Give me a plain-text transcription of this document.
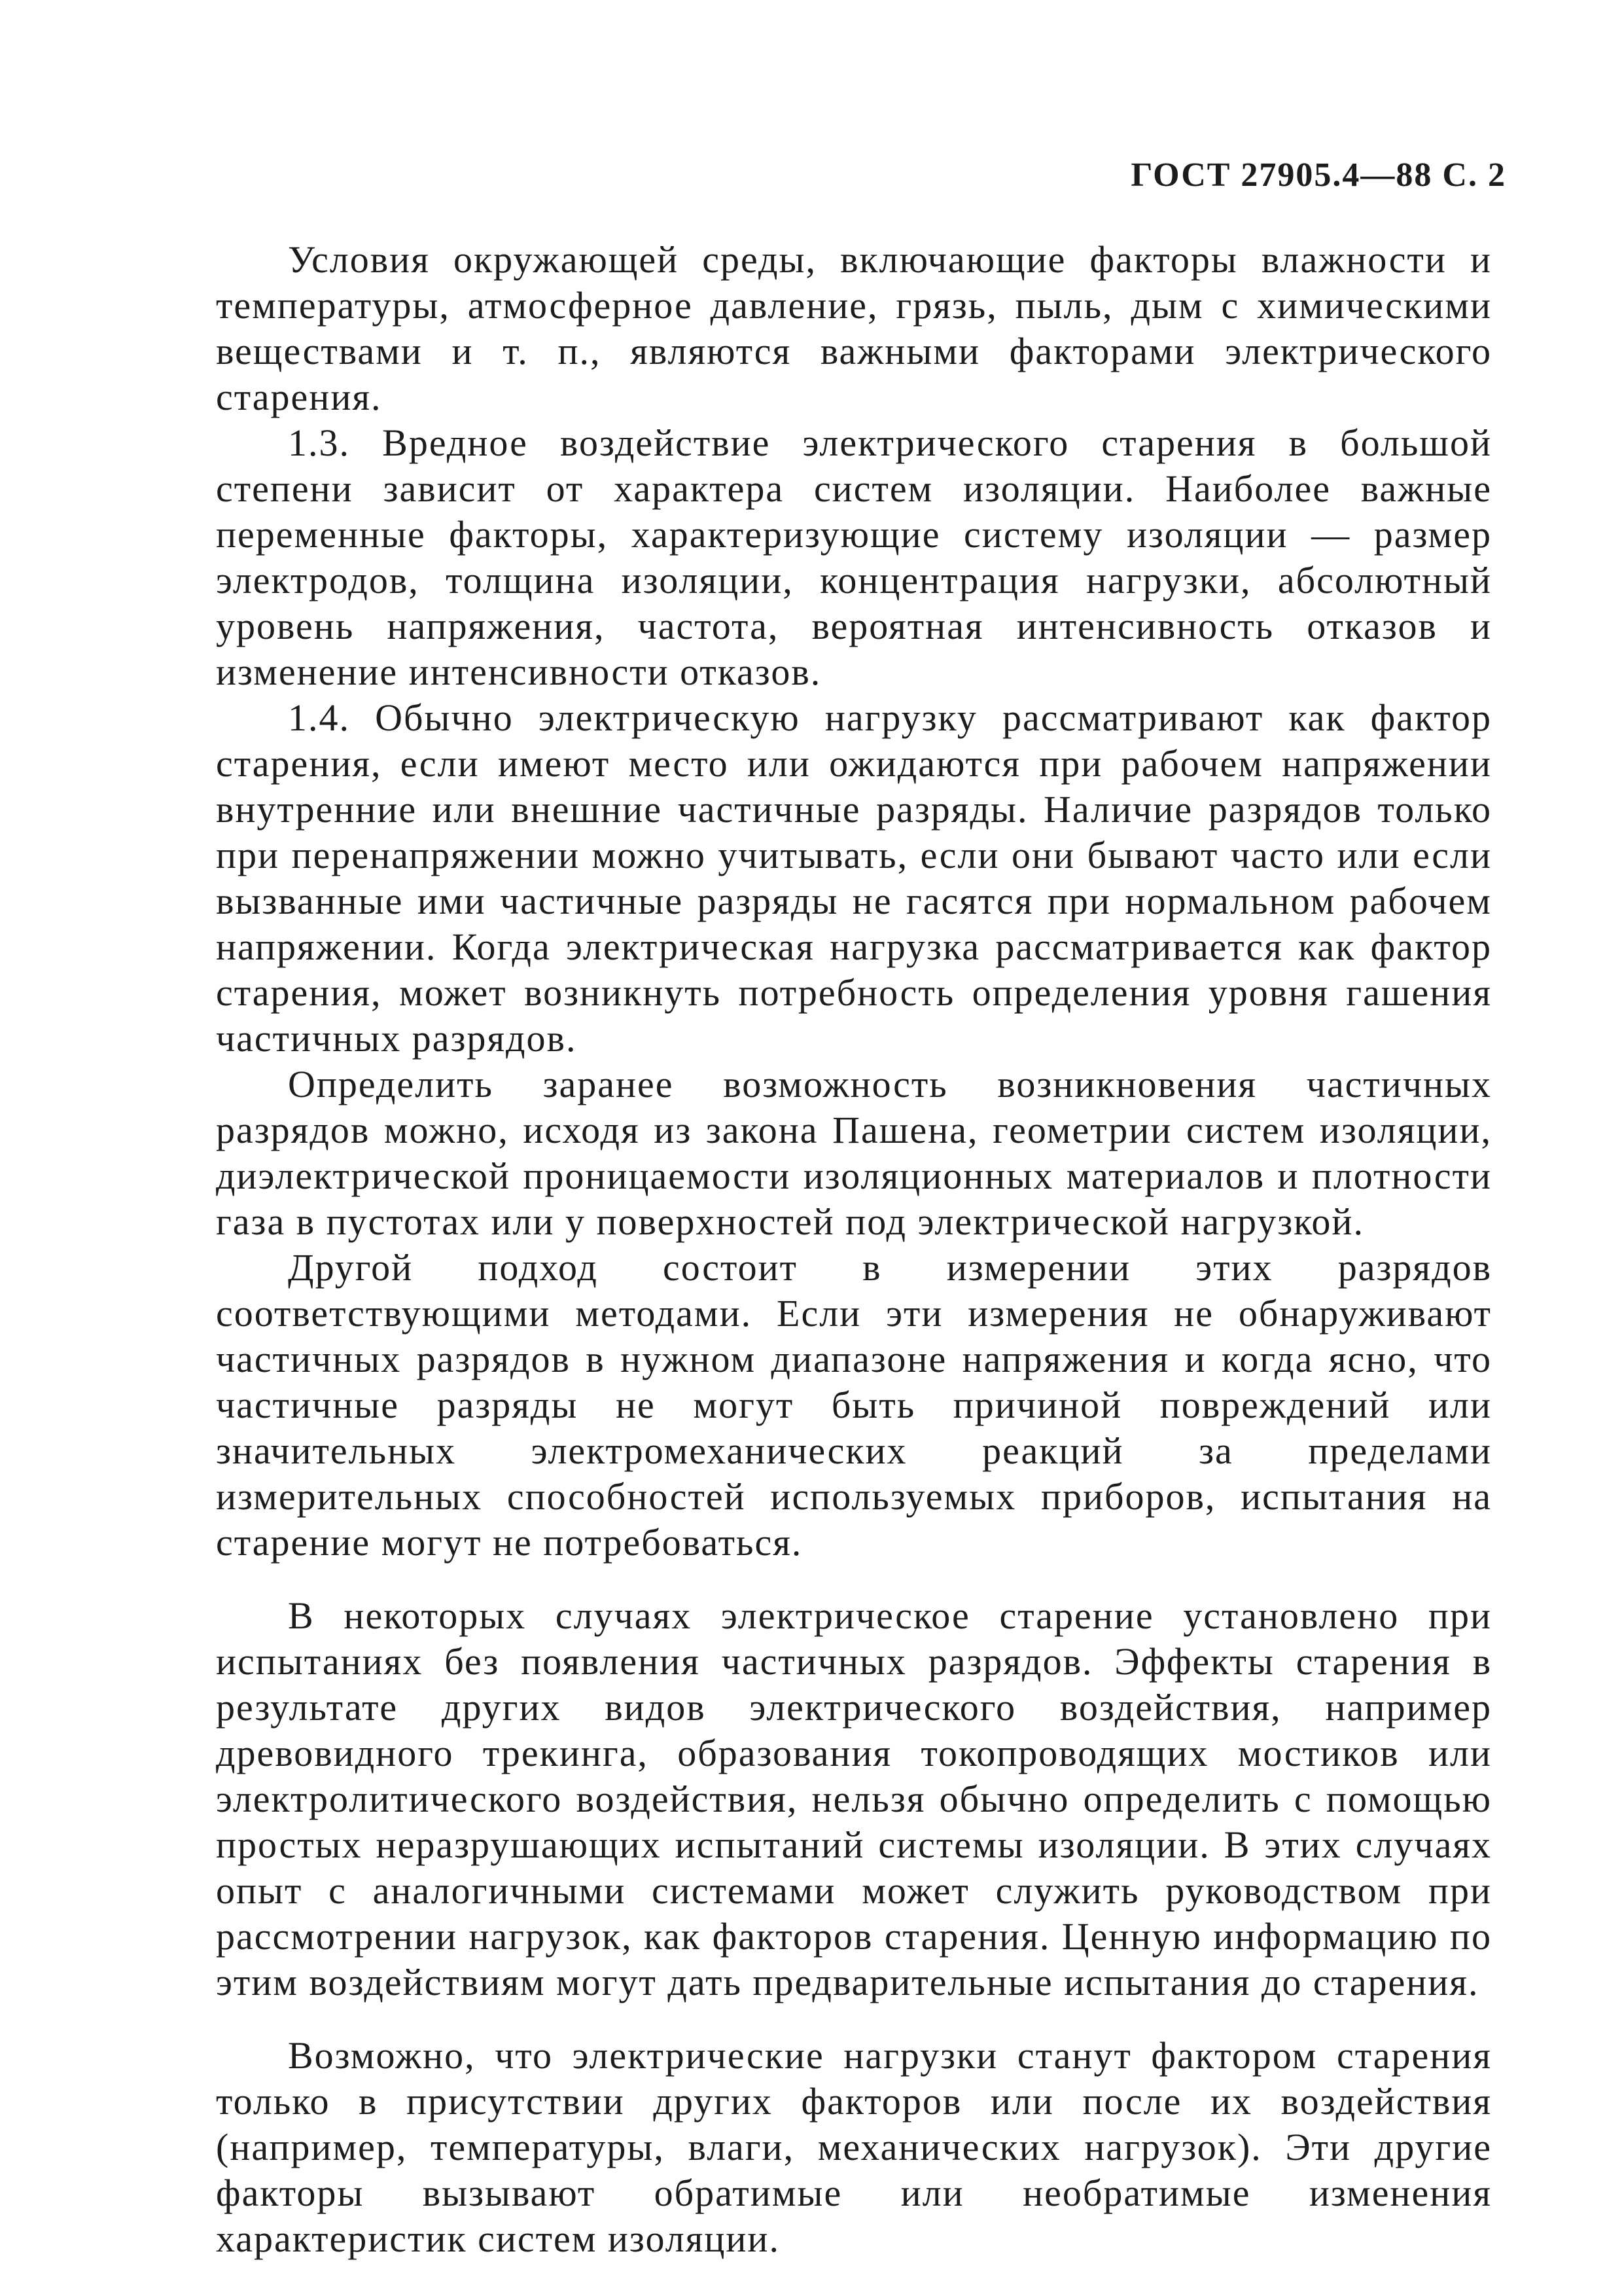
ГОСТ 27905.4—88 С. 2

Условия окружающей среды, включающие факторы влажности и температуры, атмосферное давление, грязь, пыль, дым с химическими веществами и т. п., являются важными факторами электрического старения.

1.3. Вредное воздействие электрического старения в большой степени зависит от характера систем изоляции. Наиболее важные переменные факторы, характеризующие систему изоляции — размер электродов, толщина изоляции, концентрация нагрузки, абсолютный уровень напряжения, частота, вероятная интенсивность отказов и изменение интенсивности отказов.

1.4. Обычно электрическую нагрузку рассматривают как фактор старения, если имеют место или ожидаются при рабочем напряжении внутренние или внешние частичные разряды. Наличие разрядов только при перенапряжении можно учитывать, если они бывают часто или если вызванные ими частичные разряды не гасятся при нормальном рабочем напряжении. Когда электрическая нагрузка рассматривается как фактор старения, может возникнуть потребность определения уровня гашения частичных разрядов.

Определить заранее возможность возникновения частичных разрядов можно, исходя из закона Пашена, геометрии систем изоляции, диэлектрической проницаемости изоляционных материалов и плотности газа в пустотах или у поверхностей под электрической нагрузкой.

Другой подход состоит в измерении этих разрядов соответствующими методами. Если эти измерения не обнаруживают частичных разрядов в нужном диапазоне напряжения и когда ясно, что частичные разряды не могут быть причиной повреждений или значительных электромеханических реакций за пределами измерительных способностей используемых приборов, испытания на старение могут не потребоваться.

В некоторых случаях электрическое старение установлено при испытаниях без появления частичных разрядов. Эффекты старения в результате других видов электрического воздействия, например древовидного трекинга, образования токопроводящих мостиков или электролитического воздействия, нельзя обычно определить с помощью простых неразрушающих испытаний системы изоляции. В этих случаях опыт с аналогичными системами может служить руководством при рассмотрении нагрузок, как факторов старения. Ценную информацию по этим воздействиям могут дать предварительные испытания до старения.

Возможно, что электрические нагрузки станут фактором старения только в присутствии других факторов или после их воздействия (например, температуры, влаги, механических нагрузок). Эти другие факторы вызывают обратимые или необратимые изменения характеристик систем изоляции.
